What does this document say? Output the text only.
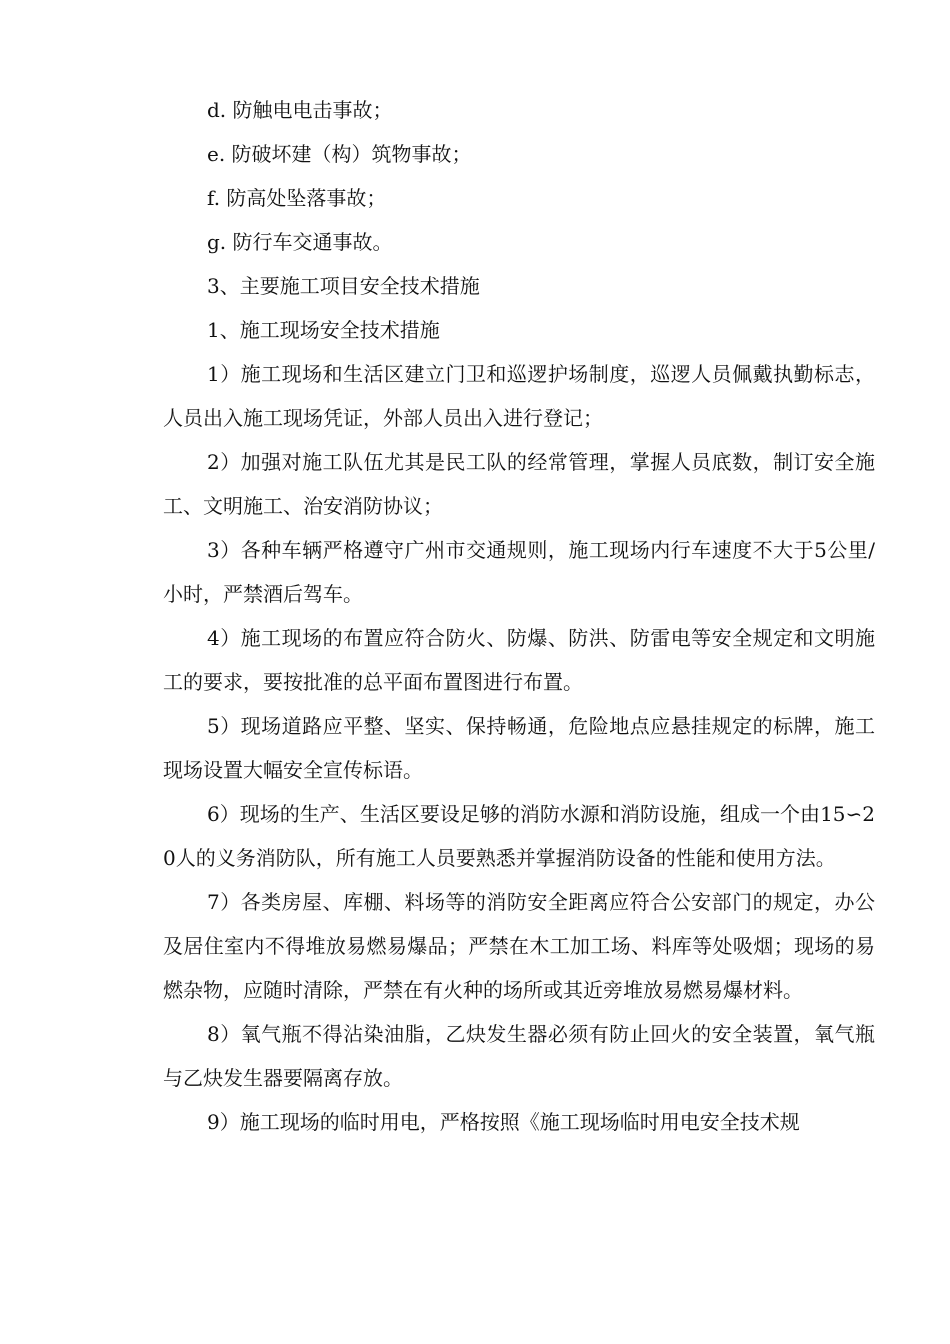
d. 防触电电击事故；

e. 防破坏建（构）筑物事故；

f. 防高处坠落事故；

g. 防行车交通事故。

3、主要施工项目安全技术措施

1、施工现场安全技术措施

1）施工现场和生活区建立门卫和巡逻护场制度，巡逻人员佩戴执勤标志，人员出入施工现场凭证，外部人员出入进行登记；

2）加强对施工队伍尤其是民工队的经常管理，掌握人员底数，制订安全施工、文明施工、治安消防协议；

3）各种车辆严格遵守广州市交通规则，施工现场内行车速度不大于5公里/小时，严禁酒后驾车。

4）施工现场的布置应符合防火、防爆、防洪、防雷电等安全规定和文明施工的要求，要按批准的总平面布置图进行布置。

5）现场道路应平整、坚实、保持畅通，危险地点应悬挂规定的标牌，施工现场设置大幅安全宣传标语。

6）现场的生产、生活区要设足够的消防水源和消防设施，组成一个由15∽20人的义务消防队，所有施工人员要熟悉并掌握消防设备的性能和使用方法。

7）各类房屋、库棚、料场等的消防安全距离应符合公安部门的规定，办公及居住室内不得堆放易燃易爆品；严禁在木工加工场、料库等处吸烟；现场的易燃杂物，应随时清除，严禁在有火种的场所或其近旁堆放易燃易爆材料。

8）氧气瓶不得沾染油脂，乙炔发生器必须有防止回火的安全装置，氧气瓶与乙炔发生器要隔离存放。

9）施工现场的临时用电，严格按照《施工现场临时用电安全技术规
